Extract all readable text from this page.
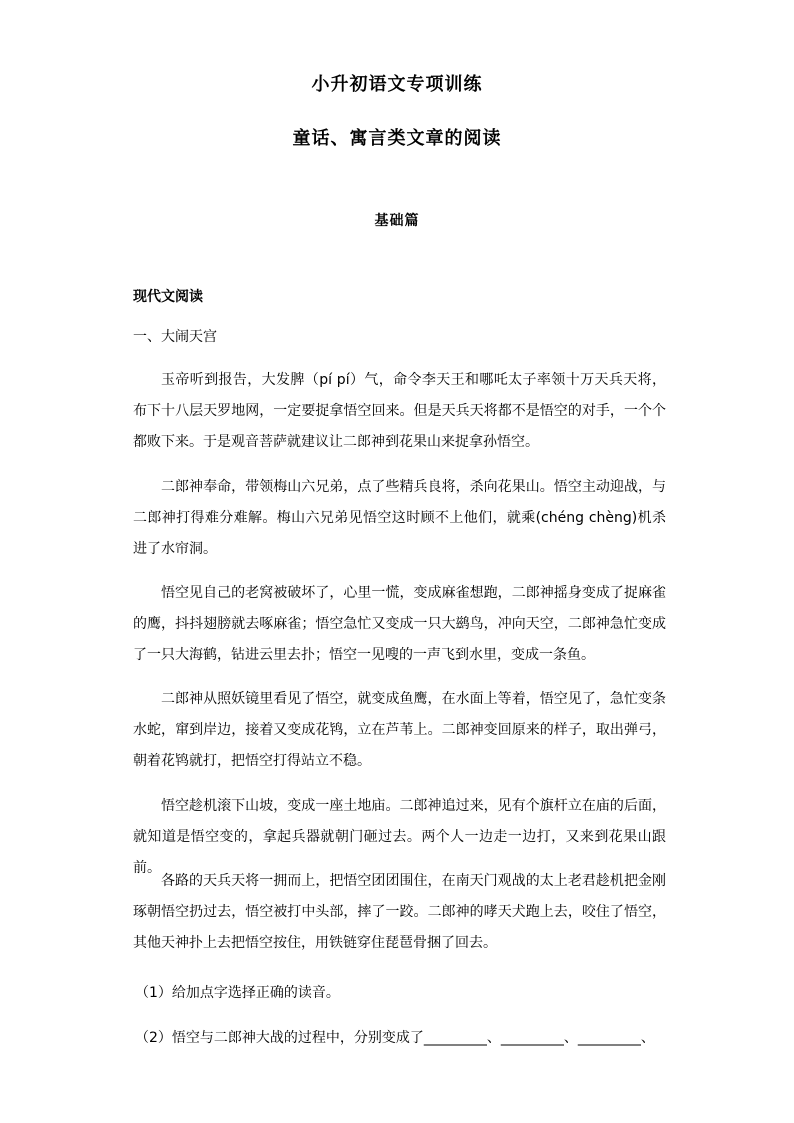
小升初语文专项训练
童话、寓言类文章的阅读
基础篇
现代文阅读
一、大闹天宫
玉帝听到报告，大发脾（pí pí）气，命令李天王和哪吒太子率领十万天兵天将，布下十八层天罗地网，一定要捉拿悟空回来。但是天兵天将都不是悟空的对手，一个个都败下来。于是观音菩萨就建议让二郎神到花果山来捉拿孙悟空。
二郎神奉命，带领梅山六兄弟，点了些精兵良将，杀向花果山。悟空主动迎战，与二郎神打得难分难解。梅山六兄弟见悟空这时顾不上他们，就乘(chéng chèng)机杀进了水帘洞。
悟空见自己的老窝被破坏了，心里一慌，变成麻雀想跑，二郎神摇身变成了捉麻雀的鹰，抖抖翅膀就去啄麻雀；悟空急忙又变成一只大鹚鸟，冲向天空，二郎神急忙变成了一只大海鹤，钻进云里去扑；悟空一见嗖的一声飞到水里，变成一条鱼。
二郎神从照妖镜里看见了悟空，就变成鱼鹰，在水面上等着，悟空见了，急忙变条水蛇，窜到岸边，接着又变成花鸨，立在芦苇上。二郎神变回原来的样子，取出弹弓，朝着花鸨就打，把悟空打得站立不稳。
悟空趁机滚下山坡，变成一座土地庙。二郎神追过来，见有个旗杆立在庙的后面，就知道是悟空变的，拿起兵器就朝门砸过去。两个人一边走一边打，又来到花果山跟前。
各路的天兵天将一拥而上，把悟空团团围住，在南天门观战的太上老君趁机把金刚琢朝悟空扔过去，悟空被打中头部，摔了一跤。二郎神的哮天犬跑上去，咬住了悟空，其他天神扑上去把悟空按住，用铁链穿住琵琶骨捆了回去。
（1）给加点字选择正确的读音。
（2）悟空与二郎神大战的过程中，分别变成了_________、_________、_________、
